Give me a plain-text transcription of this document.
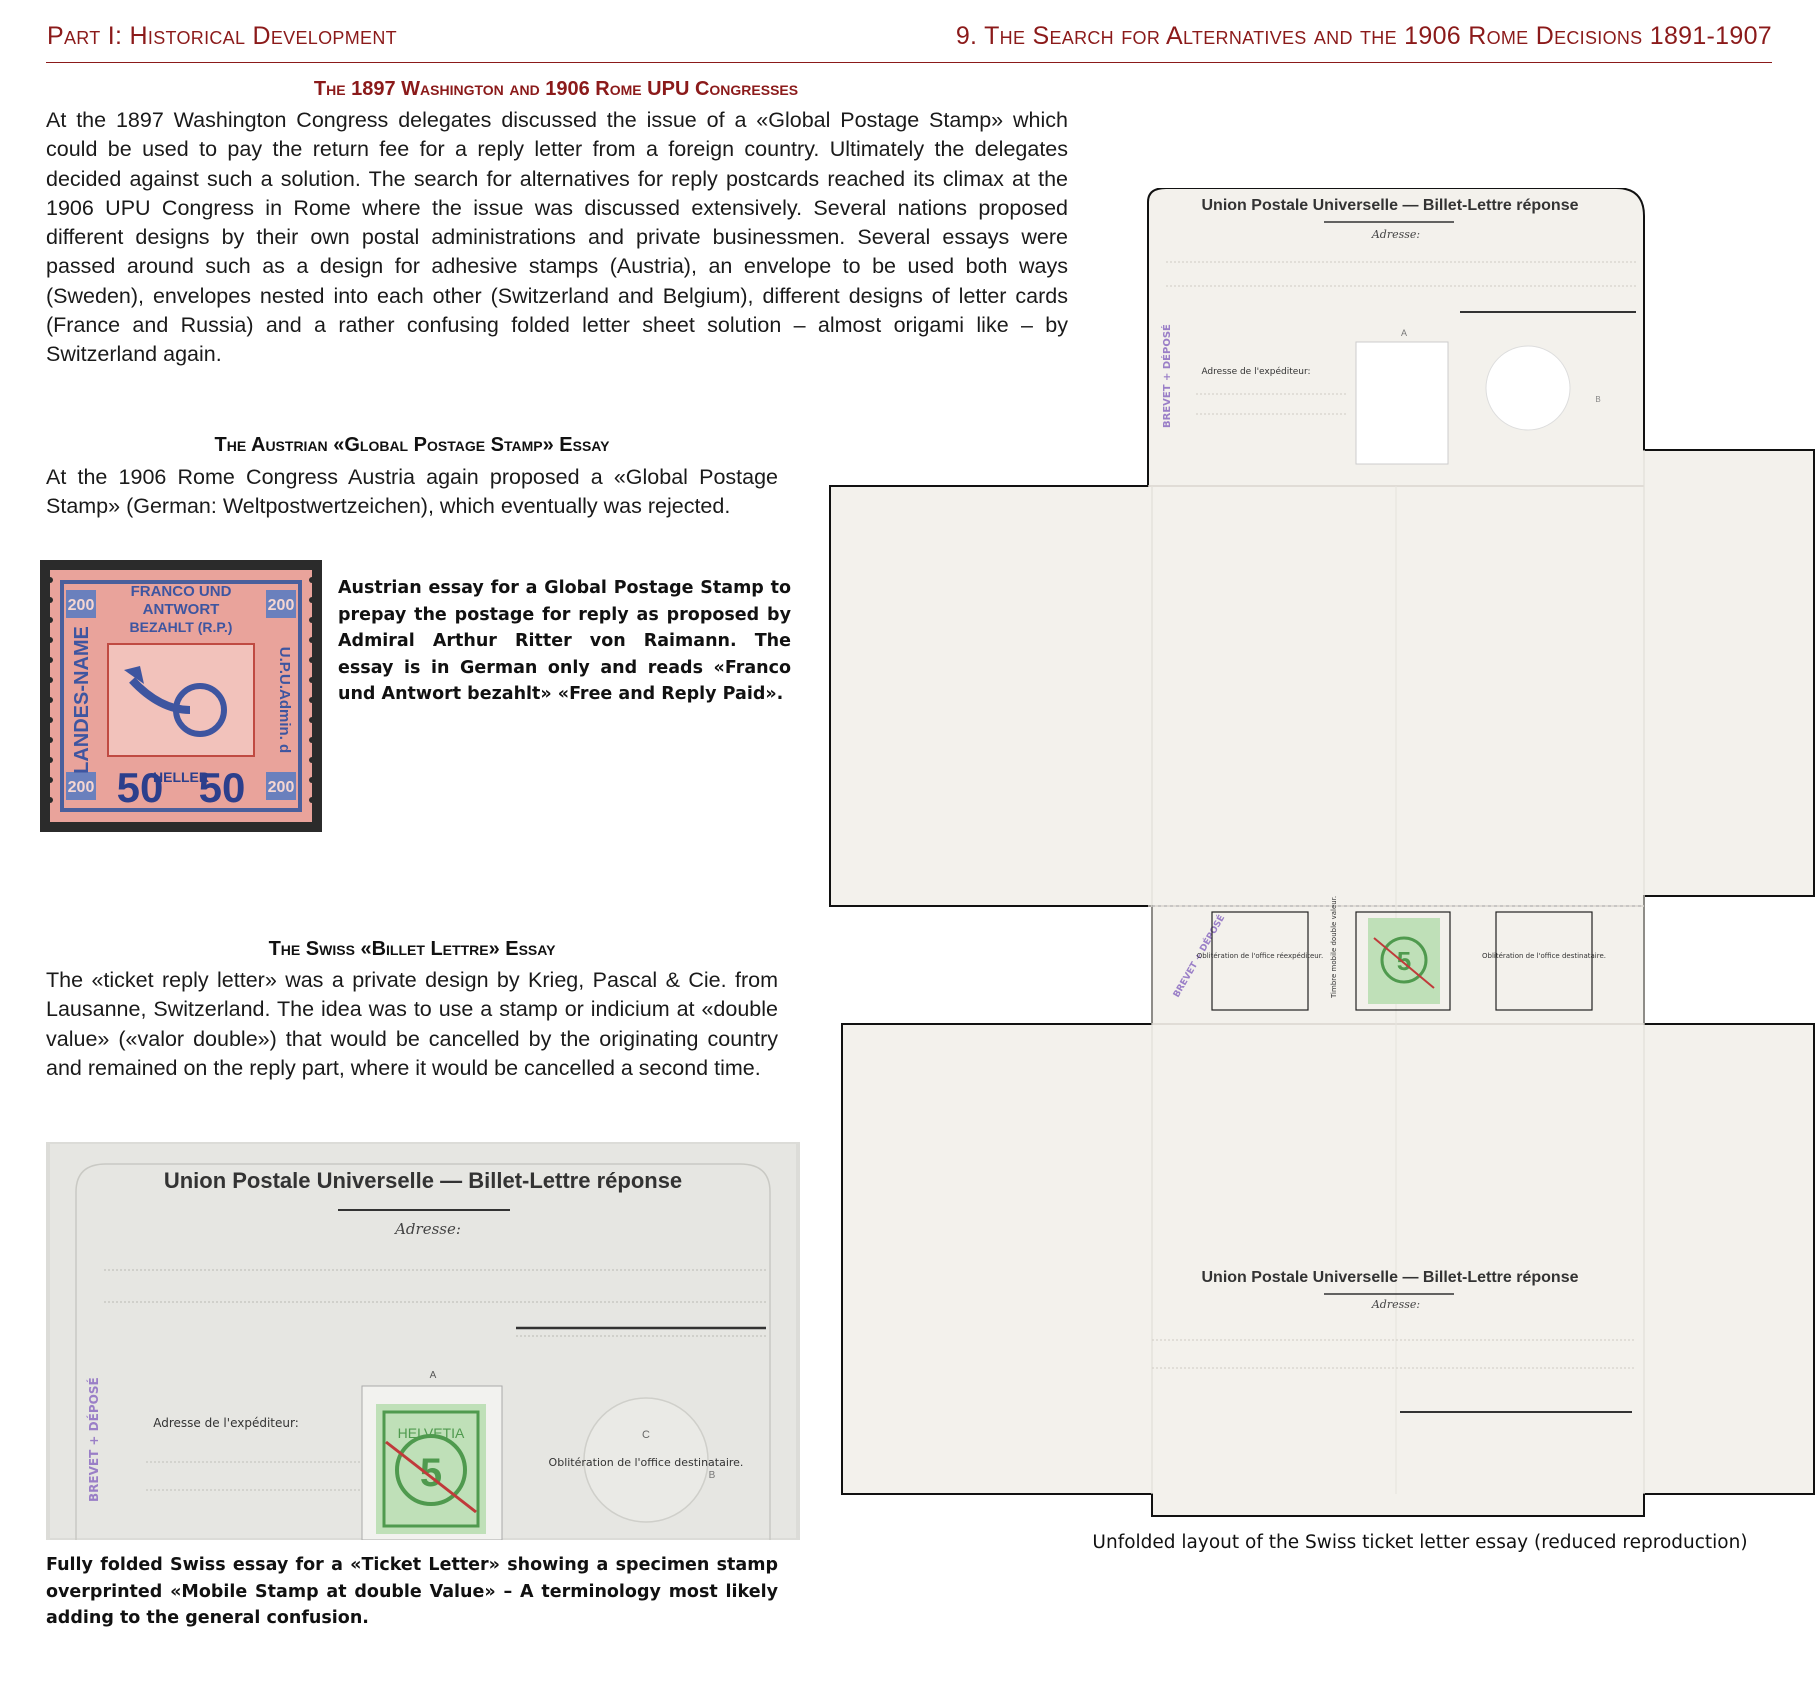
Part I: Historical Development	9. The Search for Alternatives and the 1906 Rome Decisions 1891-1907
The 1897 Washington and 1906 Rome UPU Congresses
At the 1897 Washington Congress delegates discussed the issue of a «Global Postage Stamp» which could be used to pay the return fee for a reply letter from a foreign country. Ultimately the delegates decided against such a solution. The search for alternatives for reply postcards reached its climax at the 1906 UPU Congress in Rome where the issue was discussed extensively. Several nations proposed different designs by their own postal administrations and private businessmen. Several essays were passed around such as a design for adhesive stamps (Austria), an envelope to be used both ways (Sweden), envelopes nested into each other (Switzerland and Belgium), different designs of letter cards (France and Russia) and a rather confusing folded letter sheet solution – almost origami like – by Switzerland again.
The Austrian «Global Postage Stamp» Essay
At the 1906 Rome Congress Austria again proposed a «Global Postage Stamp» (German: Weltpostwertzeichen), which eventually was rejected.
200	200
200	200
FRANCO UND
ANTWORT
BEZAHLT (R.P.)
LANDES-NAME	U.P.U.Admin. d
50 50
HELLER
Austrian essay for a Global Postage Stamp to prepay the postage for reply as proposed by Admiral Arthur Ritter von Raimann. The essay is in German only and reads «Franco und Antwort bezahlt» «Free and Reply Paid».
The Swiss «Billet Lettre» Essay
The «ticket reply letter» was a private design by Krieg, Pascal & Cie. from Lausanne, Switzerland. The idea was to use a stamp or indicium at «double value» («valor double») that would be cancelled by the originating country and remained on the reply part, where it would be cancelled a second time.
Union Postale Universelle — Billet-Lettre réponse
Adresse:
BREVET + DÉPOSÉ	Adresse de l'expéditeur:
A
5
HELVETIA	C
Oblitération de l'office destinataire.
B
Fully folded Swiss essay for a «Ticket Letter» showing a specimen stamp overprinted «Mobile Stamp at double Value» – A terminology most likely adding to the general confusion.
Union Postale Universelle — Billet-Lettre réponse
Adresse:
BREVET + DÉPOSÉ	Adresse de l'expéditeur:
A
B
BREVET + DÉPOSÉ
Oblitération de l'office réexpéditeur. Timbre mobile double valeur. 5	Oblitération de l'office destinataire.
Union Postale Universelle — Billet-Lettre réponse
Adresse:
Unfolded layout of the Swiss ticket letter essay (reduced reproduction)
